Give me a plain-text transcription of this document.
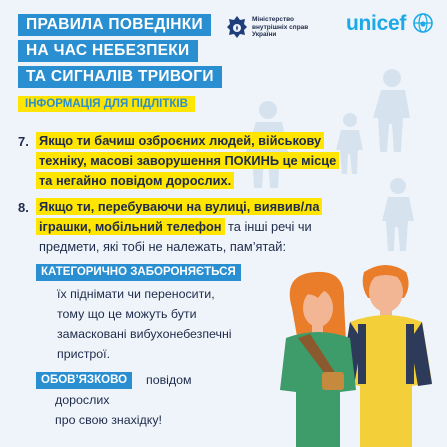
ПРАВИЛА ПОВЕДІНКИ
НА ЧАС НЕБЕЗПЕКИ
ТА СИГНАЛІВ ТРИВОГИ
ІНФОРМАЦІЯ ДЛЯ ПІДЛІТКІВ
Міністерство
внутрішніх справ
України	unicef
7. Якщо ти бачиш озброєних людей, військову
техніку, масові заворушення ПОКИНЬ це місце
та негайно повідом дорослих.
8. Якщо ти, перебуваючи на вулиці, виявив/ла
іграшки, мобільний телефон та інші речі чи
предмети, які тобі не належать, пам’ятай:
КАТЕГОРИЧНО ЗАБОРОНЯЄТЬСЯ
їх піднімати чи переносити,
тому що це можуть бути
замасковані вибухонебезпечні
пристрої.
ОБОВ’ЯЗКОВО	повідом
дорослих
про свою знахідку!
